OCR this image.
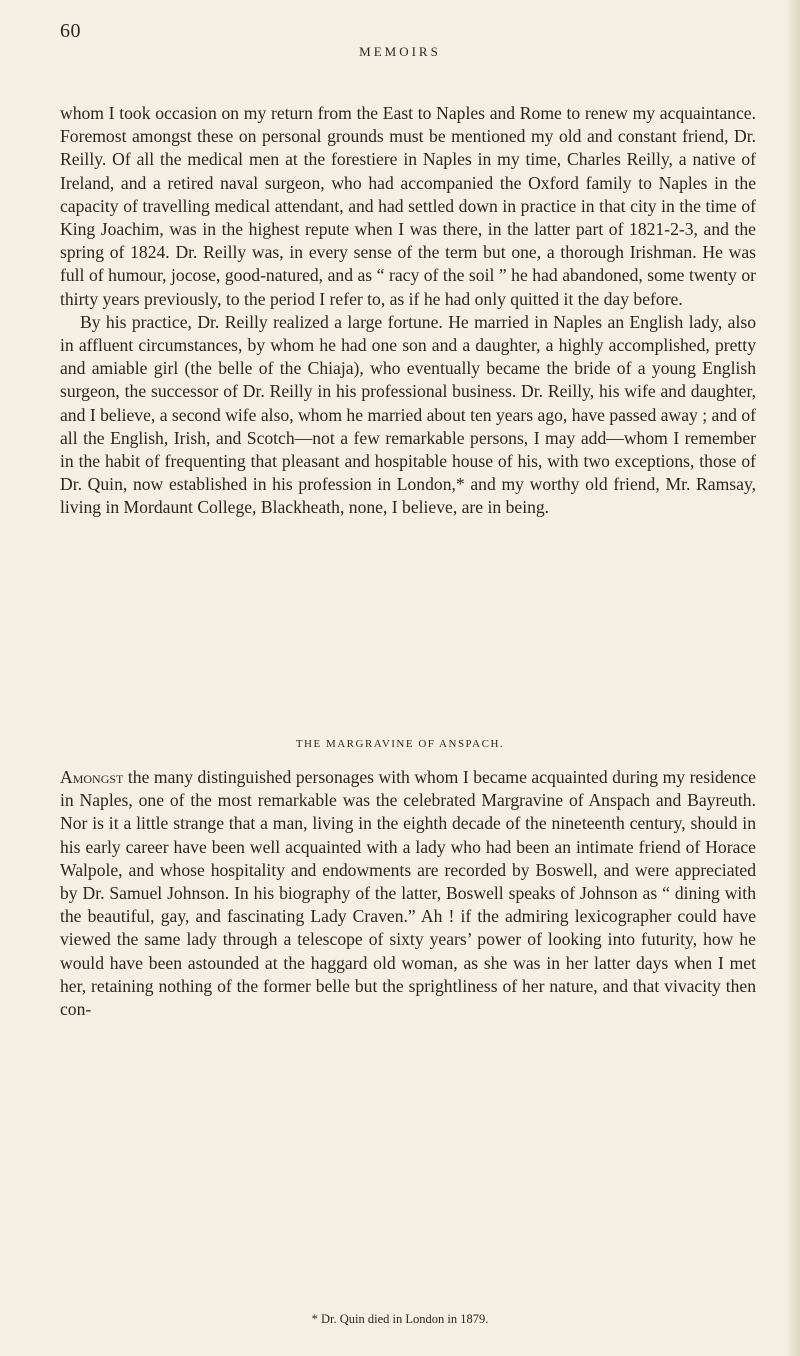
60
MEMOIRS

whom I took occasion on my return from the East to Naples and Rome to renew my acquaintance. Foremost amongst these on personal grounds must be mentioned my old and constant friend, Dr. Reilly. Of all the medical men at the forestiere in Naples in my time, Charles Reilly, a native of Ireland, and a retired naval surgeon, who had accompanied the Oxford family to Naples in the capacity of travelling medical attendant, and had settled down in practice in that city in the time of King Joachim, was in the highest repute when I was there, in the latter part of 1821-2-3, and the spring of 1824. Dr. Reilly was, in every sense of the term but one, a thorough Irishman. He was full of humour, jocose, good-natured, and as “ racy of the soil ” he had abandoned, some twenty or thirty years previously, to the period I refer to, as if he had only quitted it the day before.

By his practice, Dr. Reilly realized a large fortune. He married in Naples an English lady, also in affluent circumstances, by whom he had one son and a daughter, a highly accomplished, pretty and amiable girl (the belle of the Chiaja), who eventually became the bride of a young English surgeon, the successor of Dr. Reilly in his professional business. Dr. Reilly, his wife and daughter, and I believe, a second wife also, whom he married about ten years ago, have passed away ; and of all the English, Irish, and Scotch—not a few remarkable persons, I may add—whom I remember in the habit of frequenting that pleasant and hospitable house of his, with two exceptions, those of Dr. Quin, now established in his profession in London,* and my worthy old friend, Mr. Ramsay, living in Mordaunt College, Blackheath, none, I believe, are in being.

THE MARGRAVINE OF ANSPACH.

Amongst the many distinguished personages with whom I became acquainted during my residence in Naples, one of the most remarkable was the celebrated Margravine of Anspach and Bayreuth. Nor is it a little strange that a man, living in the eighth decade of the nineteenth century, should in his early career have been well acquainted with a lady who had been an intimate friend of Horace Walpole, and whose hospitality and endowments are recorded by Boswell, and were appreciated by Dr. Samuel Johnson. In his biography of the latter, Boswell speaks of Johnson as “ dining with the beautiful, gay, and fascinating Lady Craven.” Ah ! if the admiring lexicographer could have viewed the same lady through a telescope of sixty years’ power of looking into futurity, how he would have been astounded at the haggard old woman, as she was in her latter days when I met her, retaining nothing of the former belle but the sprightliness of her nature, and that vivacity then con-

* Dr. Quin died in London in 1879.
